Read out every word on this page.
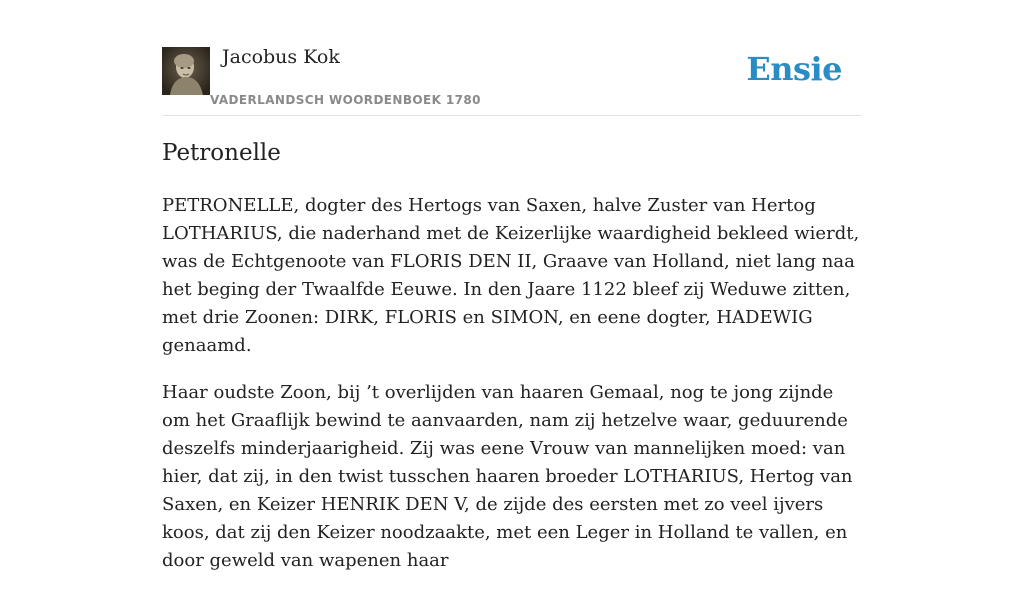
Jacobus Kok
VADERLANDSCH WOORDENBOEK 1780
Ensie
Petronelle

PETRONELLE, dogter des Hertogs van Saxen, halve Zuster van Hertog LOTHARIUS, die naderhand met de Keizerlijke waardigheid bekleed wierdt, was de Echtgenoote van FLORIS DEN II, Graave van Holland, niet lang naa het beging der Twaalfde Eeuwe. In den Jaare 1122 bleef zij Weduwe zitten, met drie Zoonen: DIRK, FLORIS en SIMON, en eene dogter, HADEWIG genaamd.

Haar oudste Zoon, bij ’t overlijden van haaren Gemaal, nog te jong zijnde om het Graaflijk bewind te aanvaarden, nam zij hetzelve waar, geduurende deszelfs minderjaarigheid. Zij was eene Vrouw van mannelijken moed: van hier, dat zij, in den twist tusschen haaren broeder LOTHARIUS, Hertog van Saxen, en Keizer HENRIK DEN V, de zijde des eersten met zo veel ijvers koos, dat zij den Keizer noodzaakte, met een Leger in Holland te vallen, en door geweld van wapenen haar
